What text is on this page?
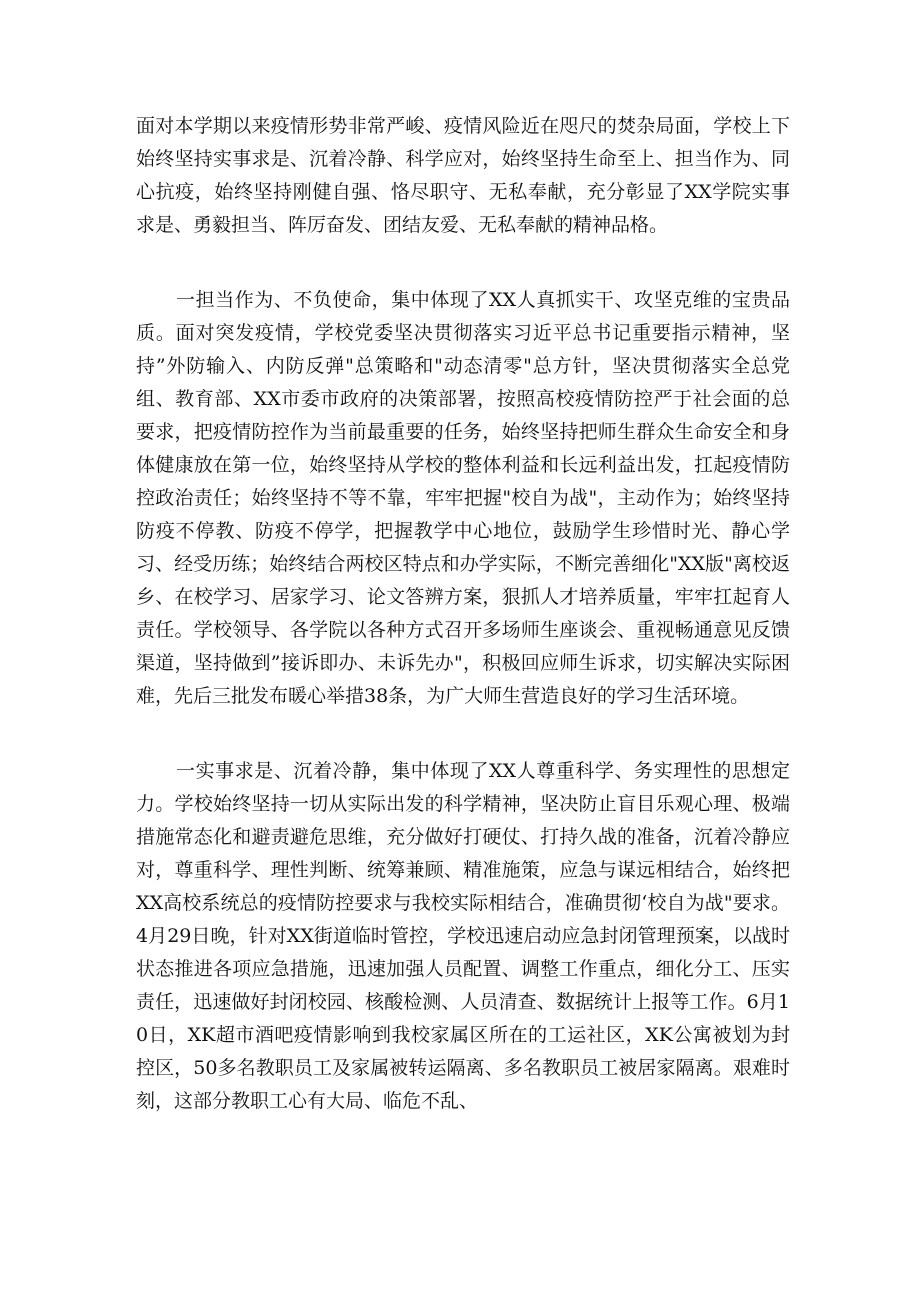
面对本学期以来疫情形势非常严峻、疫情风险近在咫尺的焚杂局面，学校上下始终坚持实事求是、沉着冷静、科学应对，始终坚持生命至上、担当作为、同心抗疫，始终坚持刚健自强、恪尽职守、无私奉献，充分彰显了XX学院实事求是、勇毅担当、阵厉奋发、团结友爱、无私奉献的精神品格。

一担当作为、不负使命，集中体现了XX人真抓实干、攻坚克维的宝贵品质。面对突发疫情，学校党委坚决贯彻落实习近平总书记重要指示精神，坚持”外防输入、内防反弹"总策略和"动态清零"总方针，坚决贯彻落实全总党组、教育部、XX市委市政府的决策部署，按照高校疫情防控严于社会面的总要求，把疫情防控作为当前最重要的任务，始终坚持把师生群众生命安全和身体健康放在第一位，始终坚持从学校的整体利益和长远利益出发，扛起疫情防控政治责任；始终坚持不等不靠，牢牢把握"校自为战"，主动作为；始终坚持防疫不停教、防疫不停学，把握教学中心地位，鼓励学生珍惜时光、静心学习、经受历练；始终结合两校区特点和办学实际，不断完善细化"XX版"离校返乡、在校学习、居家学习、论文答辨方案，狠抓人才培养质量，牢牢扛起育人责任。学校领导、各学院以各种方式召开多场师生座谈会、重视畅通意见反馈渠道，坚持做到”接诉即办、未诉先办"，积极回应师生诉求，切实解决实际困难，先后三批发布暖心举措38条，为广大师生营造良好的学习生活环境。

一实事求是、沉着冷静，集中体现了XX人尊重科学、务实理性的思想定力。学校始终坚持一切从实际出发的科学精神，坚决防止盲目乐观心理、极端措施常态化和避责避危思维，充分做好打硬仗、打持久战的准备，沉着冷静应对，尊重科学、理性判断、统筹兼顾、精准施策，应急与谋远相结合，始终把XX高校系统总的疫情防控要求与我校实际相结合，准确贯彻‘校自为战"要求。4月29日晚，针对XX街道临时管控，学校迅速启动应急封闭管理预案，以战时状态推进各项应急措施，迅速加强人员配置、调整工作重点，细化分工、压实责任，迅速做好封闭校园、核酸检测、人员清查、数据统计上报等工作。6月10日，XK超市酒吧疫情影响到我校家属区所在的工运社区，XK公寓被划为封控区，50多名教职员工及家属被转运隔离、多名教职员工被居家隔离。艰难时刻，这部分教职工心有大局、临危不乱、
